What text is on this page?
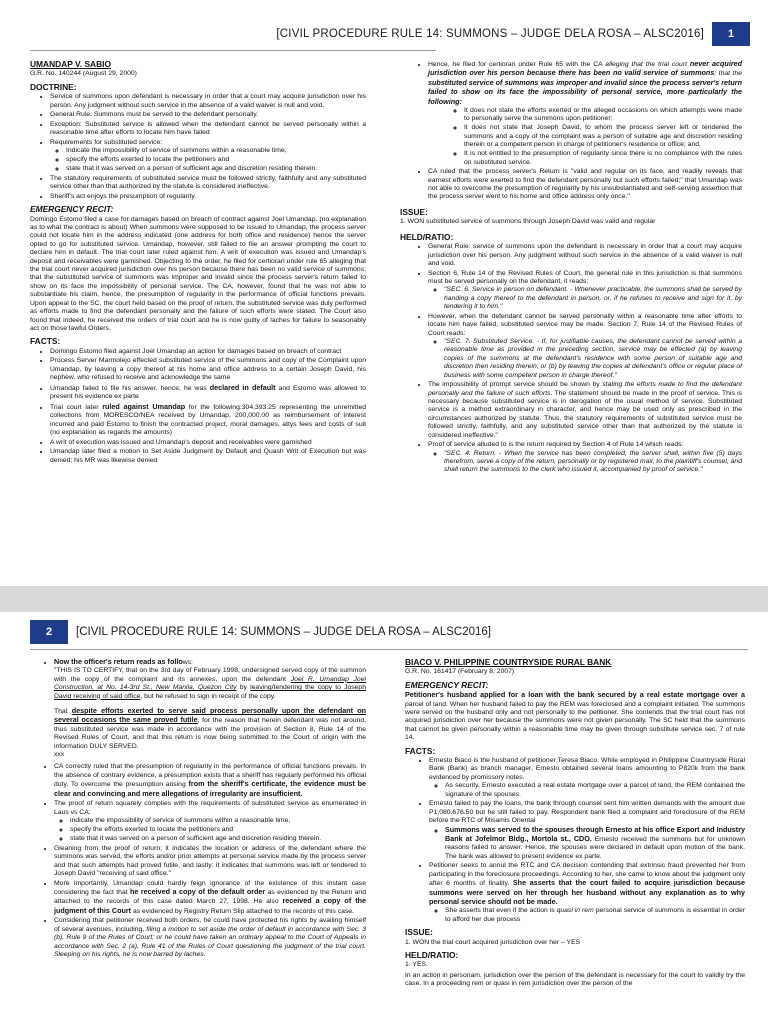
[CIVIL PROCEDURE RULE 14: SUMMONS – JUDGE DELA ROSA – ALSC2016]	1
UMANDAP V. SABIO

G.R. No. 140244 (August 29, 2000)

DOCTRINE:
• Service of summons upon defendant is necessary in order that a court may acquire jurisdiction over his person. Any judgment without such service in the absence of a valid waiver is null and void.
• General Rule: Summons must be served to the defendant personally.
• Exception: Substituted service is allowed when the defendant cannot be served personally within a reasonable time after efforts to locate him have failed
• Requirements for substituted service:
◦ Indicate the impossibility of service of summons within a reasonable time,
◦ specify the efforts exerted to locate the petitioners and
◦ state that it was served on a person of sufficient age and discretion residing therein.
• The statutory requirements of substituted service must be followed strictly, faithfully and any substituted service other than that authorized by the statute is considered ineffective.
• Sheriff's act enjoys the presumption of regularity.
EMERGENCY RECIT:

Domingo Estomo filed a case for damages based on breach of contract against Joel Umandap. (no explanation as to what the contract is about) When summons were supposed to be issued to Umandap, the process server could not locate him in the address indicated (one address for both office and residence) hence the server opted to go for substituted service. Umandap, however, still failed to file an answer prompting the court to declare him in default. The trial court later ruled against him. A writ of execution was issued and Umandap's deposit and receivables were garnished. Objecting to the order, he filed for certiorari under rule 65 alleging that the trial court never acquired jurisdiction over his person because there has been no valid service of summons; that the substituted service of summons was improper and invalid since the process server's return failed to show on its face the impossibility of personal service. The CA, however, found that he was not able to substantiate his claim, hence, the presumption of regularity in the performance of official functions prevails. Upon appeal to the SC, the court held based on the proof of return, the substituted service was duly performed as efforts made to find the defendant personally and the failure of such efforts were stated. The Court also found that indeed, he received the orders of trial court and he is now guilty of laches for failure to seasonably act on those lawful Orders.

FACTS:
• Domingo Estomo filed against Joel Umandap an action for damages based on breach of contract
• Process Server Marmolejo effected substituted service of the summons and copy of the Complaint upon Umandap, by leaving a copy thereof at his home and office address to a certain Joseph David, his nephew, who refused to receive and acknowledge the same
• Umandap failed to file his answer, hence, he was declared in default and Estomo was allowed to present his evidence ex parte
• Trial court later ruled against Umandap for the following:304,393.25 representing the unremitted collections from MORESCO/NEA received by Umandap, 200,000.00 as reimbursement of interest incurred and paid Estomo to finish the contracted project, moral damages, attys fees and costs of suit (no explanation as regards the amounts)
• A writ of execution was issued and Umandap's deposit and receivables were garnished
• Umandap later filed a motion to Set Aside Judgment by Default and Quash Writ of Execution but was denied; his MR was likewise denied
• Hence, he filed for certiorari under Rule 65 with the CA alleging that the trial court never acquired jurisdiction over his person because there has been no valid service of summons; that the substituted service of summons was improper and invalid since the process server's return failed to show on its face the impossibility of personal service, more particularly the following:
◦ It does not state the efforts exerted or the alleged occasions on which attempts were made to personally serve the summons upon petitioner;
◦ It does not state that Joseph David, to whom the process server left or tendered the summons and a copy of the complaint was a person of suitable age and discretion residing therein or a competent person in charge of petitioner's residence or office; and,
◦ It is not entitled to the presumption of regularity since there is no compliance with the rules on substituted service.
• CA ruled that the process server's Return is "valid and regular on its face, and readily reveals that earnest efforts were exerted to find the defendant personally but such efforts failed;" that Umandap was not able to overcome the presumption of regularity by his unsubstantiated and self-serving assertion that the process server went to his home and office address only once."
ISSUE:

1. WON substituted service of summons through Joseph David was valid and regular

HELD/RATIO:
• General Rule: service of summons upon the defendant is necessary in order that a court may acquire jurisdiction over his person. Any judgment without such service in the absence of a valid waiver is null and void.
• Section 6, Rule 14 of the Revised Rules of Court, the general rule in this jurisdiction is that summons must be served personally on the defendant, it reads:
◦ "SEC. 6. Service in person on defendant. - Whenever practicable, the summons shall be served by handing a copy thereof to the defendant in person, or, if he refuses to receive and sign for it, by tendering it to him."
• However, when the defendant cannot be served personally within a reasonable time after efforts to locate him have failed, substituted service may be made. Section 7, Rule 14 of the Revised Rules of Court reads:
◦ "SEC. 7. Substituted Service. - If, for justifiable causes, the defendant cannot be served within a reasonable time as provided in the preceding section, service may be effected (a) by leaving copies of the summons at the defendant's residence with some person of suitable age and discretion then residing therein, or (b) by leaving the copies at defendant's office or regular place of business with some competent person in charge thereof."
• The impossibility of prompt service should be shown by stating the efforts made to find the defendant personally and the failure of such efforts. The statement should be made in the proof of service. This is necessary because substituted service is in derogation of the usual method of service. Substituted service is a method extraordinary in character, and hence may be used only as prescribed in the circumstances authorized by statute. Thus, the statutory requirements of substituted service must be followed strictly, faithfully, and any substituted service other than that authorized by the statute is considered ineffective."
• Proof of service alluded to is the return required by Section 4 of Rule 14 which reads:
◦ "SEC. 4. Return. - When the service has been completed, the server shall, within five (5) days therefrom, serve a copy of the return, personally or by registered mail, to the plaintiff's counsel, and shall return the summons to the clerk who issued it, accompanied by proof of service."
2	[CIVIL PROCEDURE RULE 14: SUMMONS – JUDGE DELA ROSA – ALSC2016]
• Now the officer's return reads as follows:
"THIS IS TO CERTIFY, that on the 3rd day of February 1998, undersigned served copy of the summon with the copy of the complaint and its annexes, upon the defendant Joel R. Umandap Joel Construction, at No. 14-3rd St., New Manila, Quezon City by leaving/tendering the copy to Joseph David receiving of said office, but he refused to sign in receipt of the copy.
That despite efforts exerted to serve said process personally upon the defendant on several occasions the same proved futile, for the reason that herein defendant was not around, thus substituted service was made in accordance with the provision of Section 8, Rule 14 of the Revised Rules of Court, and that this return is now being submitted to the Court of origin with the information DULY SERVED.
xxx
• CA correctly ruled that the presumption of regularity in the performance of official functions prevails. In the absence of contrary evidence, a presumption exists that a sheriff has regularly performed his official duty. To overcome the presumption arising from the sheriff's certificate, the evidence must be clear and convincing and mere allegations of irregularity are insufficient.
• The proof of return squarely complies with the requirements of substituted service as enumerated in Laus vs CA:
◦ indicate the impossibility of service of summons within a reasonable time,
◦ specify the efforts exerted to locate the petitioners and
◦ state that it was served on a person of sufficient age and discretion residing therein.
• Gleaning from the proof of return; it indicates the location or address of the defendant where the summons was served, the efforts and/or prior attempts at personal service made by the process server and that such attempts had proved futile, and lastly: it indicates that summons was left or tendered to Joseph David "receiving of said office."
• More importantly, Umandap could hardly feign ignorance of the existence of this instant case considering the fact that he received a copy of the default order as evidenced by the Return and attached to the records of this case dated March 27, 1998. He also received a copy of the judgment of this Court as evidenced by Registry Return Slip attached to the records of this case.
• Considering that petitioner received both orders, he could have protected his rights by availing himself of several avenues, including, filing a motion to set aside the order of default in accordance with Sec. 3 (b), Rule 9 of the Rules of Court; or he could have taken an ordinary appeal to the Court of Appeals in accordance with Sec. 2 (a), Rule 41 of the Rules of Court questioning the judgment of the trial court. Sleeping on his rights, he is now barred by laches.
BIACO V. PHILIPPINE COUNTRYSIDE RURAL BANK

G.R. No. 161417 (February 8, 2007)

EMERGENCY RECIT:

Petitioner's husband applied for a loan with the bank secured by a real estate mortgage over a parcel of land. When her husband failed to pay the REM was foreclosed and a complaint initiated. The summons were served on the husband only and not personally to the petitioner. She contends that the trial court has not acquired jurisdiction over her because the summons were not given personally. The SC held that the summons that cannot be given personally within a reasonable time may be given through substitute service sec. 7 of rule 14.

FACTS:
• Ernesto Biaco is the husband of petitioner Teresa Biaco. While employed in Philippine Countryside Rural Bank (Bank) as branch manager, Ernesto obtained several loans amounting to P820k from the bank evidenced by promissory notes.
◦ As security, Ernesto executed a real estate mortgage over a parcel of land, the REM contained the signature of the spouses.
• Ernesto failed to pay the loans, the bank through counsel sent him written demands with the amount due P1,080,676.50 but he still failed to pay. Respondent bank filed a complaint and foreclosure of the REM before the RTC of Misamis Oriental
◦ Summons was served to the spouses through Ernesto at his office Export and Industry Bank at Jofelmor Bldg., Mortola st., CDO. Ernesto received the summons but for unknown reasons failed to answer. Hence, the spouses were declared in default upon motion of the bank. The bank was allowed to present evidence ex parte.
• Petitioner seeks to annul the RTC and CA decision contending that extrinsic fraud prevented her from participating in the foreclosure proceedings. According to her, she came to know about the judgment only after 6 months of finality. She asserts that the court failed to acquire jurisdiction because summons were served on her through her husband without any explanation as to why personal service should not be made.
◦ She asserts that even if the action is quasi in rem personal service of summons is essential in order to afford her due process
ISSUE:

1. WON the trial court acquired jurisdiction over her – YES

HELD/RATIO:

1. YES.

In an action in personam, jurisdiction over the person of the defendant is necessary for the court to validly try the case. In a proceeding rem or quasi in rem jurisdiction over the person of the
